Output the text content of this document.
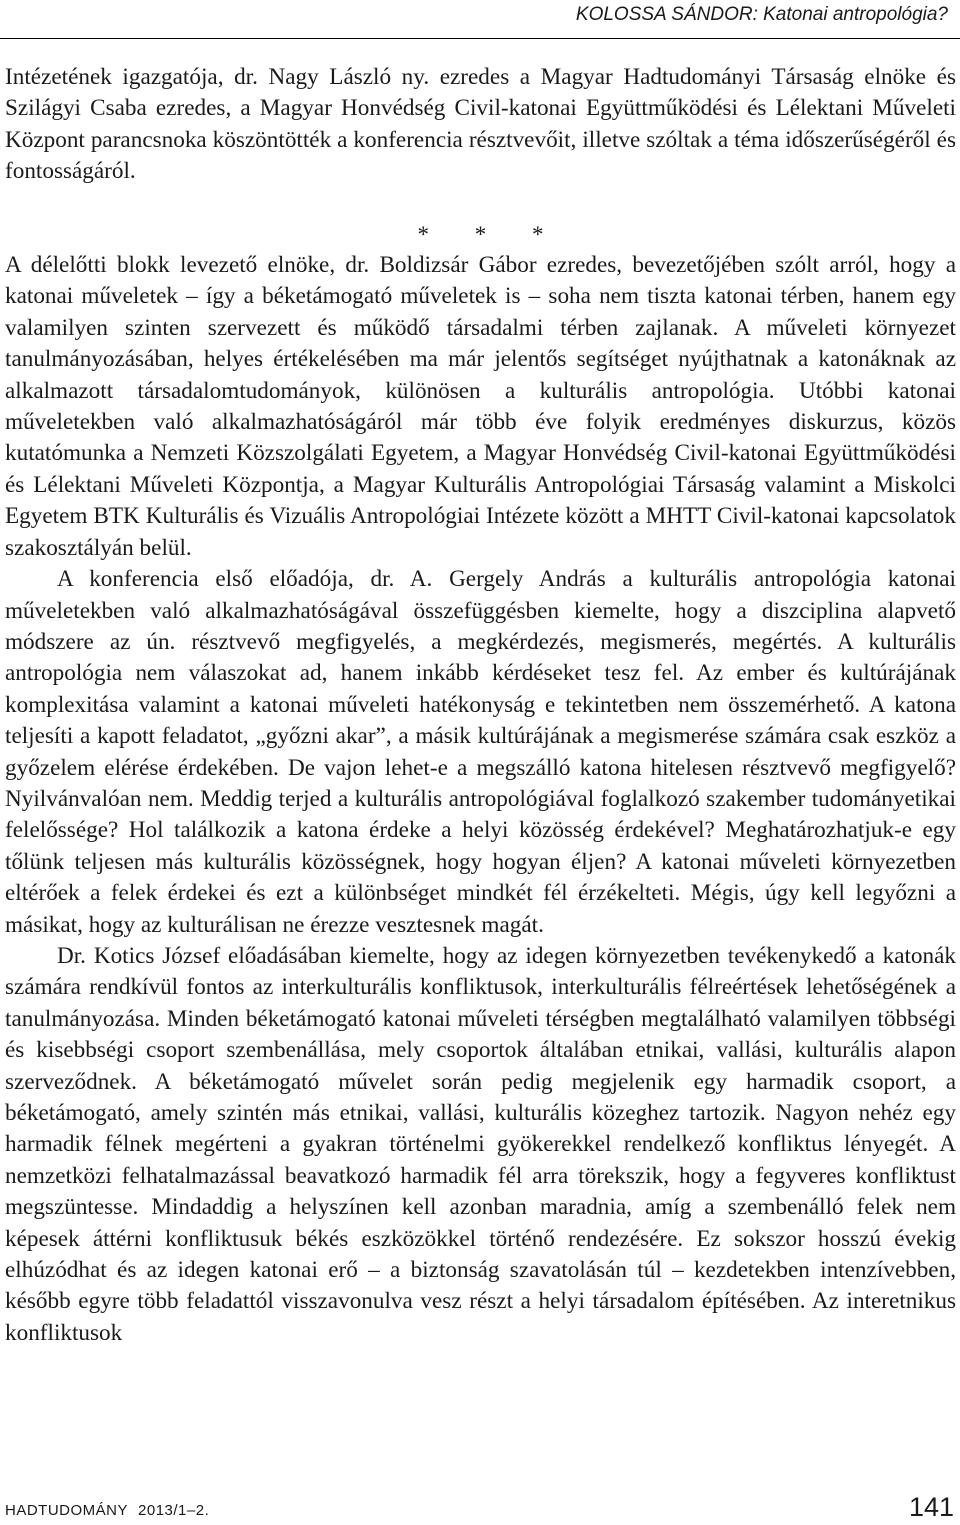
KOLOSSA SÁNDOR: Katonai antropológia?

Intézetének igazgatója, dr. Nagy László ny. ezredes a Magyar Hadtudományi Társaság elnöke és Szilágyi Csaba ezredes, a Magyar Honvédség Civil-katonai Együttműködési és Lélektani Műveleti Központ parancsnoka köszöntötték a konferencia résztvevőit, illetve szóltak a téma időszerűségéről és fontosságáról.

* * *

A délelőtti blokk levezető elnöke, dr. Boldizsár Gábor ezredes, bevezetőjében szólt arról, hogy a katonai műveletek – így a béketámogató műveletek is – soha nem tiszta katonai térben, hanem egy valamilyen szinten szervezett és működő társadalmi térben zajlanak. A műveleti környezet tanulmányozásában, helyes értékelésében ma már jelentős segítséget nyújthatnak a katonáknak az alkalmazott társadalomtudományok, különösen a kulturális antropológia. Utóbbi katonai műveletekben való alkalmazhatóságáról már több éve folyik eredményes diskurzus, közös kutatómunka a Nemzeti Közszolgálati Egyetem, a Magyar Honvédség Civil-katonai Együttműködési és Lélektani Műveleti Központja, a Magyar Kulturális Antropológiai Társaság valamint a Miskolci Egyetem BTK Kulturális és Vizuális Antropológiai Intézete között a MHTT Civil-katonai kapcsolatok szakosztályán belül.

A konferencia első előadója, dr. A. Gergely András a kulturális antropológia katonai műveletekben való alkalmazhatóságával összefüggésben kiemelte, hogy a diszciplina alapvető módszere az ún. résztvevő megfigyelés, a megkérdezés, megismerés, megértés. A kulturális antropológia nem válaszokat ad, hanem inkább kérdéseket tesz fel. Az ember és kultúrájának komplexitása valamint a katonai műveleti hatékonyság e tekintetben nem összemérhető. A katona teljesíti a kapott feladatot, „győzni akar”, a másik kultúrájának a megismerése számára csak eszköz a győzelem elérése érdekében. De vajon lehet-e a megszálló katona hitelesen résztvevő megfigyelő? Nyilvánvalóan nem. Meddig terjed a kulturális antropológiával foglalkozó szakember tudományetikai felelőssége? Hol találkozik a katona érdeke a helyi közösség érdekével? Meghatározhatjuk-e egy tőlünk teljesen más kulturális közösségnek, hogy hogyan éljen? A katonai műveleti környezetben eltérőek a felek érdekei és ezt a különbséget mindkét fél érzékelteti. Mégis, úgy kell legyőzni a másikat, hogy az kulturálisan ne érezze vesztesnek magát.

Dr. Kotics József előadásában kiemelte, hogy az idegen környezetben tevékenykedő a katonák számára rendkívül fontos az interkulturális konfliktusok, interkulturális félreértések lehetőségének a tanulmányozása. Minden béketámogató katonai műveleti térségben megtalálható valamilyen többségi és kisebbségi csoport szembenállása, mely csoportok általában etnikai, vallási, kulturális alapon szerveződnek. A béketámogató művelet során pedig megjelenik egy harmadik csoport, a béketámogató, amely szintén más etnikai, vallási, kulturális közeghez tartozik. Nagyon nehéz egy harmadik félnek megérteni a gyakran történelmi gyökerekkel rendelkező konfliktus lényegét. A nemzetközi felhatalmazással beavatkozó harmadik fél arra törekszik, hogy a fegyveres konfliktust megszüntesse. Mindaddig a helyszínen kell azonban maradnia, amíg a szembenálló felek nem képesek áttérni konfliktusuk békés eszközökkel történő rendezésére. Ez sokszor hosszú évekig elhúzódhat és az idegen katonai erő – a biztonság szavatolásán túl – kezdetekben intenzívebben, később egyre több feladattól visszavonulva vesz részt a helyi társadalom építésében. Az interetnikus konfliktusok

HADTUDOMÁNY 2013/1–2.	141
